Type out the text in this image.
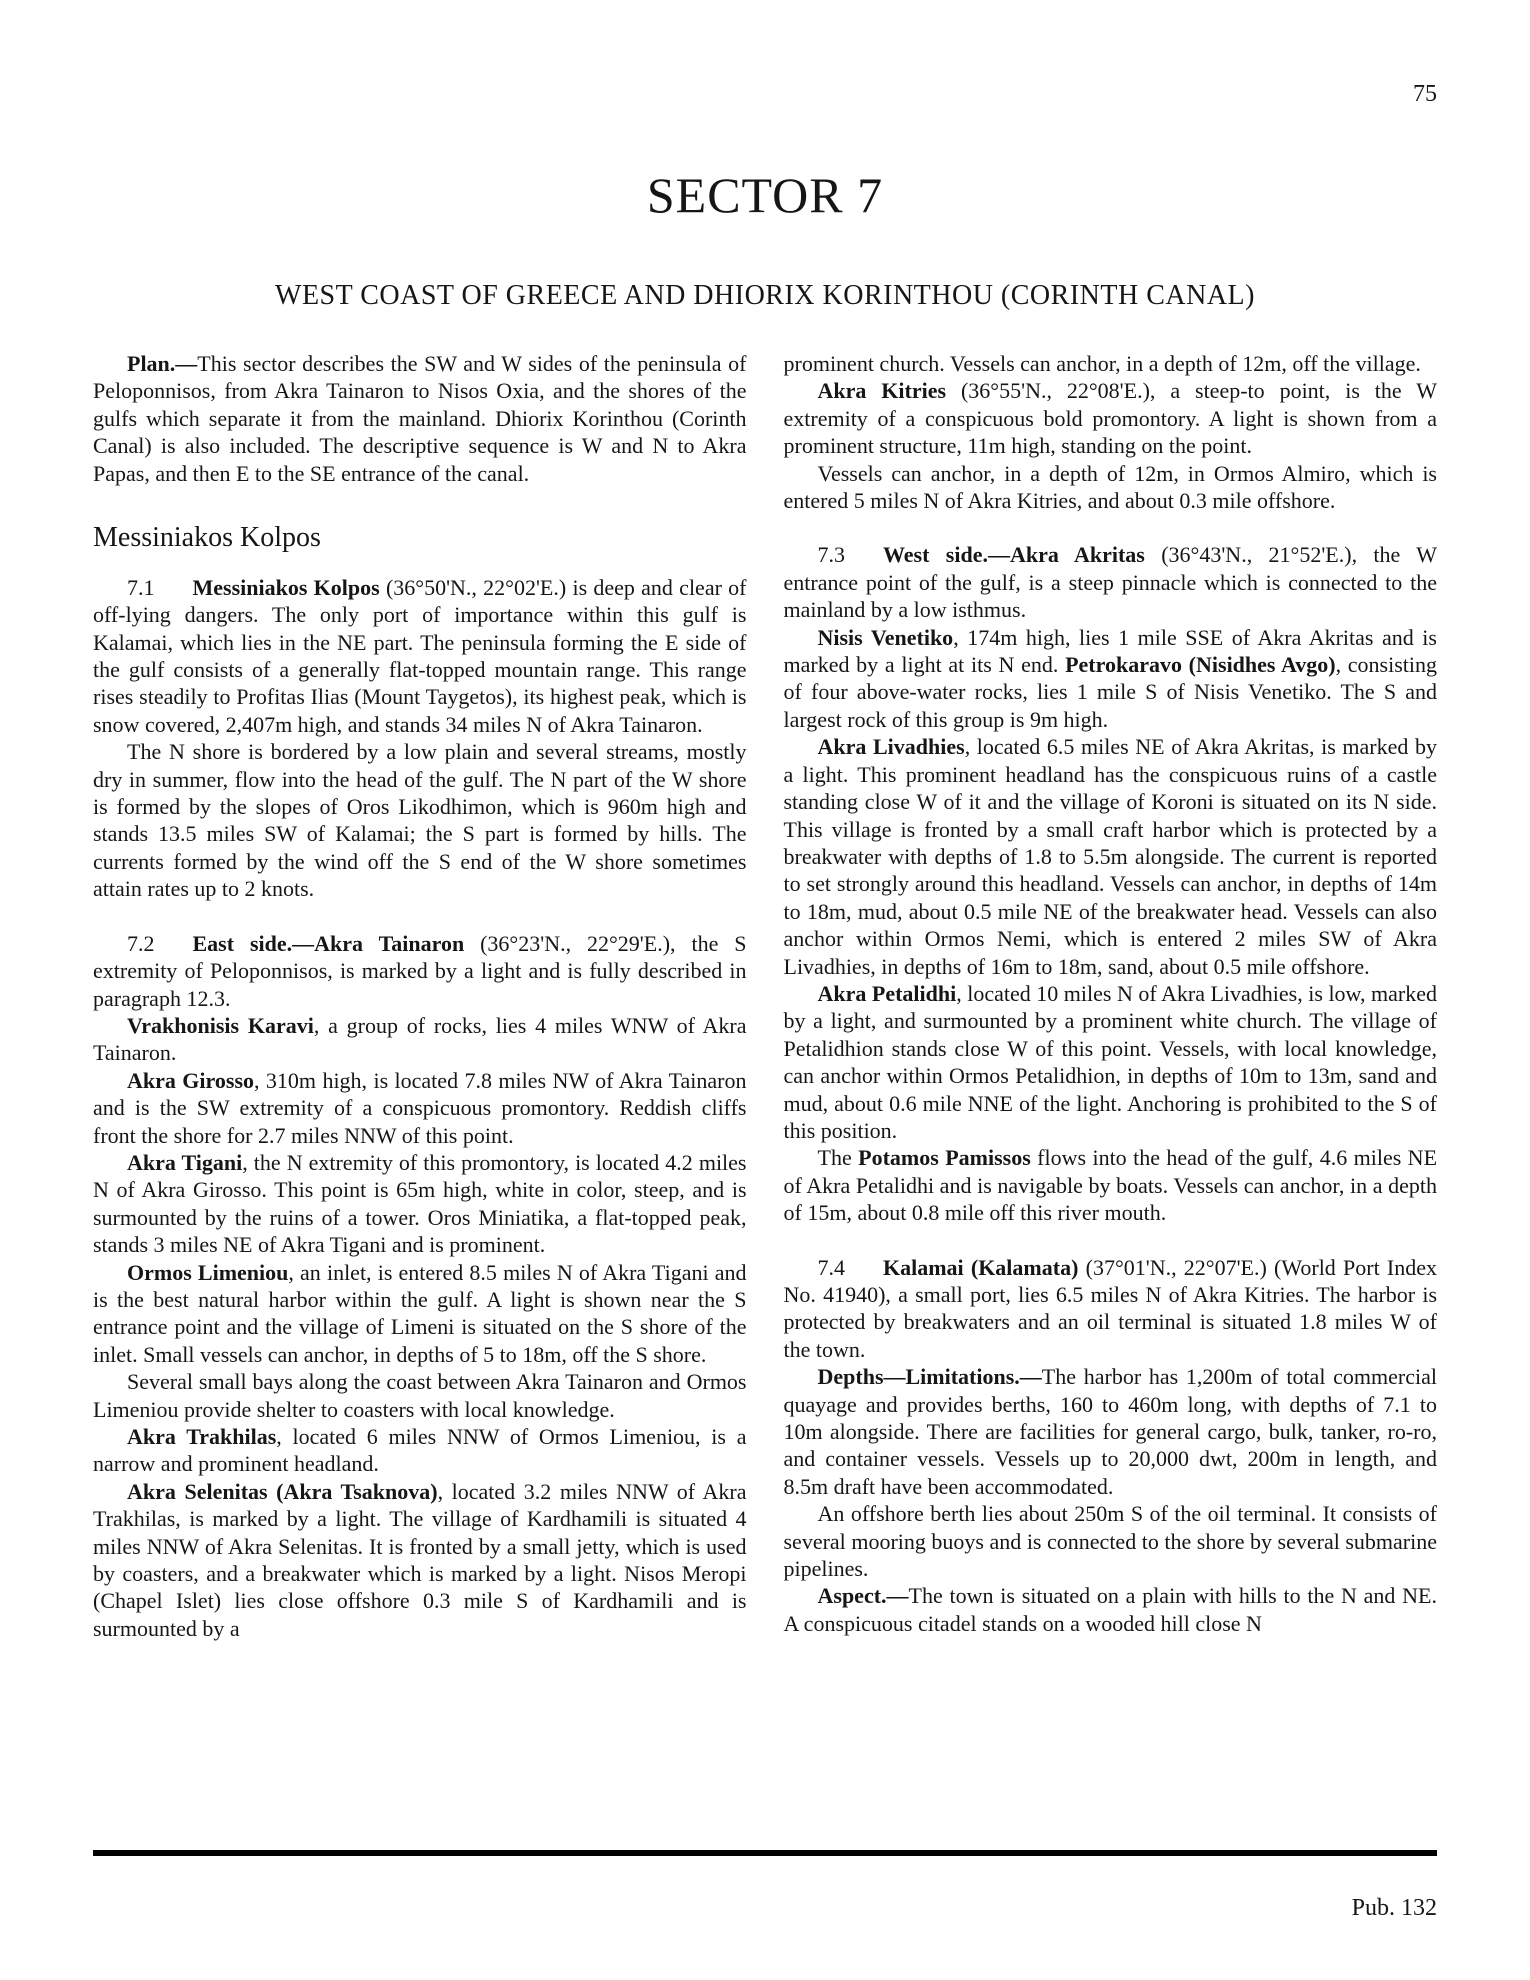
75
SECTOR 7
WEST COAST OF GREECE AND DHIORIX KORINTHOU (CORINTH CANAL)

Plan.—This sector describes the SW and W sides of the peninsula of Peloponnisos, from Akra Tainaron to Nisos Oxia, and the shores of the gulfs which separate it from the mainland. Dhiorix Korinthou (Corinth Canal) is also included. The descriptive sequence is W and N to Akra Papas, and then E to the SE entrance of the canal.

Messiniakos Kolpos

7.1 Messiniakos Kolpos (36°50'N., 22°02'E.) is deep and clear of off-lying dangers. The only port of importance within this gulf is Kalamai, which lies in the NE part. The peninsula forming the E side of the gulf consists of a generally flat-topped mountain range. This range rises steadily to Profitas Ilias (Mount Taygetos), its highest peak, which is snow covered, 2,407m high, and stands 34 miles N of Akra Tainaron.

The N shore is bordered by a low plain and several streams, mostly dry in summer, flow into the head of the gulf. The N part of the W shore is formed by the slopes of Oros Likodhimon, which is 960m high and stands 13.5 miles SW of Kalamai; the S part is formed by hills. The currents formed by the wind off the S end of the W shore sometimes attain rates up to 2 knots.

7.2 East side.—Akra Tainaron (36°23'N., 22°29'E.), the S extremity of Peloponnisos, is marked by a light and is fully described in paragraph 12.3.

Vrakhonisis Karavi, a group of rocks, lies 4 miles WNW of Akra Tainaron.

Akra Girosso, 310m high, is located 7.8 miles NW of Akra Tainaron and is the SW extremity of a conspicuous promontory. Reddish cliffs front the shore for 2.7 miles NNW of this point.

Akra Tigani, the N extremity of this promontory, is located 4.2 miles N of Akra Girosso. This point is 65m high, white in color, steep, and is surmounted by the ruins of a tower. Oros Miniatika, a flat-topped peak, stands 3 miles NE of Akra Tigani and is prominent.

Ormos Limeniou, an inlet, is entered 8.5 miles N of Akra Tigani and is the best natural harbor within the gulf. A light is shown near the S entrance point and the village of Limeni is situated on the S shore of the inlet. Small vessels can anchor, in depths of 5 to 18m, off the S shore.

Several small bays along the coast between Akra Tainaron and Ormos Limeniou provide shelter to coasters with local knowledge.

Akra Trakhilas, located 6 miles NNW of Ormos Limeniou, is a narrow and prominent headland.

Akra Selenitas (Akra Tsaknova), located 3.2 miles NNW of Akra Trakhilas, is marked by a light. The village of Kardhamili is situated 4 miles NNW of Akra Selenitas. It is fronted by a small jetty, which is used by coasters, and a breakwater which is marked by a light. Nisos Meropi (Chapel Islet) lies close offshore 0.3 mile S of Kardhamili and is surmounted by a

prominent church. Vessels can anchor, in a depth of 12m, off the village.

Akra Kitries (36°55'N., 22°08'E.), a steep-to point, is the W extremity of a conspicuous bold promontory. A light is shown from a prominent structure, 11m high, standing on the point.

Vessels can anchor, in a depth of 12m, in Ormos Almiro, which is entered 5 miles N of Akra Kitries, and about 0.3 mile offshore.

7.3 West side.—Akra Akritas (36°43'N., 21°52'E.), the W entrance point of the gulf, is a steep pinnacle which is connected to the mainland by a low isthmus.

Nisis Venetiko, 174m high, lies 1 mile SSE of Akra Akritas and is marked by a light at its N end. Petrokaravo (Nisidhes Avgo), consisting of four above-water rocks, lies 1 mile S of Nisis Venetiko. The S and largest rock of this group is 9m high.

Akra Livadhies, located 6.5 miles NE of Akra Akritas, is marked by a light. This prominent headland has the conspicuous ruins of a castle standing close W of it and the village of Koroni is situated on its N side. This village is fronted by a small craft harbor which is protected by a breakwater with depths of 1.8 to 5.5m alongside. The current is reported to set strongly around this headland. Vessels can anchor, in depths of 14m to 18m, mud, about 0.5 mile NE of the breakwater head. Vessels can also anchor within Ormos Nemi, which is entered 2 miles SW of Akra Livadhies, in depths of 16m to 18m, sand, about 0.5 mile offshore.

Akra Petalidhi, located 10 miles N of Akra Livadhies, is low, marked by a light, and surmounted by a prominent white church. The village of Petalidhion stands close W of this point. Vessels, with local knowledge, can anchor within Ormos Petalidhion, in depths of 10m to 13m, sand and mud, about 0.6 mile NNE of the light. Anchoring is prohibited to the S of this position.

The Potamos Pamissos flows into the head of the gulf, 4.6 miles NE of Akra Petalidhi and is navigable by boats. Vessels can anchor, in a depth of 15m, about 0.8 mile off this river mouth.

7.4 Kalamai (Kalamata) (37°01'N., 22°07'E.) (World Port Index No. 41940), a small port, lies 6.5 miles N of Akra Kitries. The harbor is protected by breakwaters and an oil terminal is situated 1.8 miles W of the town.

Depths—Limitations.—The harbor has 1,200m of total commercial quayage and provides berths, 160 to 460m long, with depths of 7.1 to 10m alongside. There are facilities for general cargo, bulk, tanker, ro-ro, and container vessels. Vessels up to 20,000 dwt, 200m in length, and 8.5m draft have been accommodated.

An offshore berth lies about 250m S of the oil terminal. It consists of several mooring buoys and is connected to the shore by several submarine pipelines.

Aspect.—The town is situated on a plain with hills to the N and NE. A conspicuous citadel stands on a wooded hill close N

Pub. 132
